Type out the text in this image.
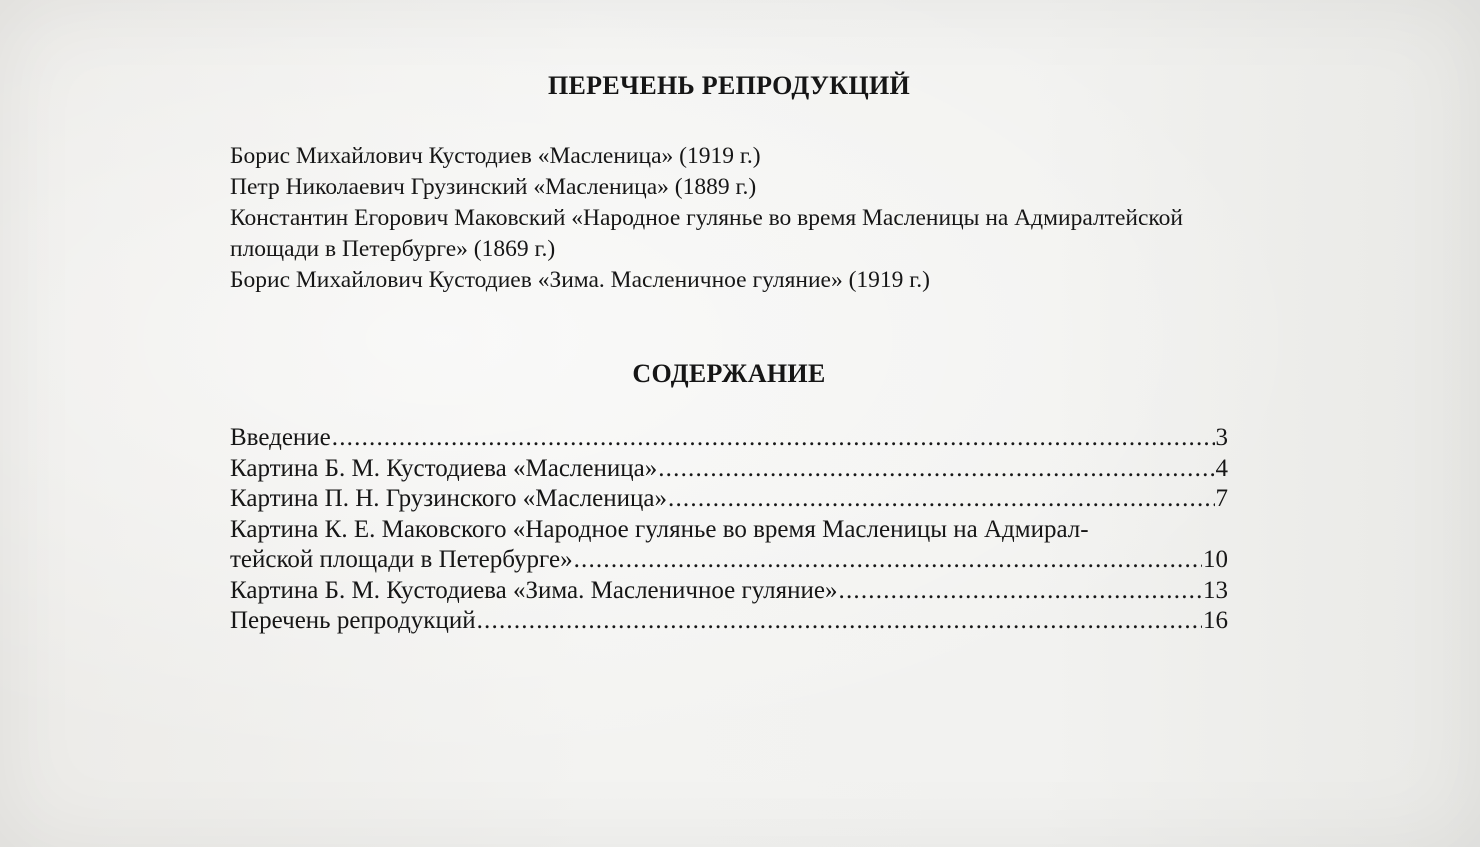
ПЕРЕЧЕНЬ РЕПРОДУКЦИЙ

Борис Михайлович Кустодиев «Масленица» (1919 г.)

Петр Николаевич Грузинский «Масленица» (1889 г.)

Константин Егорович Маковский «Народное гулянье во время Масленицы на Адмиралтейской площади в Петербурге» (1869 г.)

Борис Михайлович Кустодиев «Зима. Масленичное гуляние» (1919 г.)

СОДЕРЖАНИЕ
Введение .....	3
Картина Б. М. Кустодиева «Масленица» .....	4
Картина П. Н. Грузинского «Масленица» .....	7
Картина К. Е. Маковского «Народное гулянье во время Масленицы на Адмирал-
тейской площади в Петербурге» .....	10
Картина Б. М. Кустодиева «Зима. Масленичное гуляние» .....	13
Перечень репродукций .....	16
